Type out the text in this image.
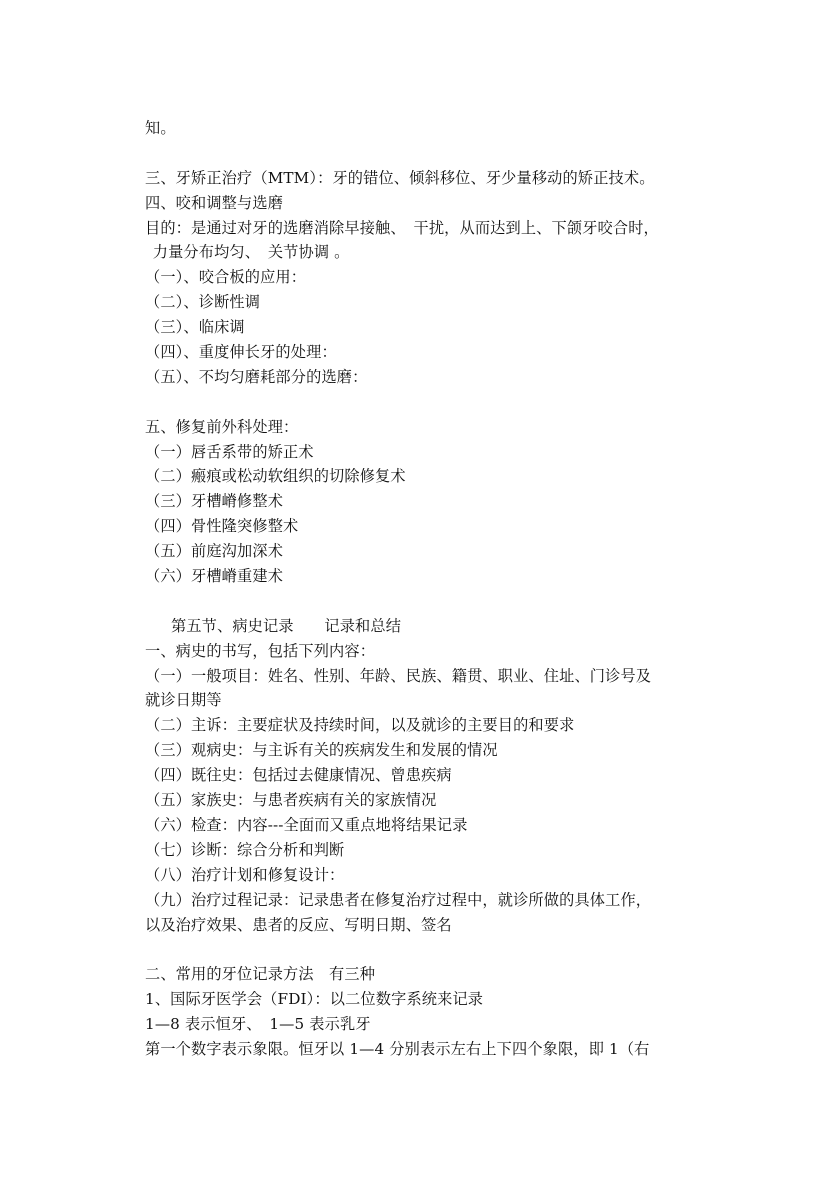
知。
三、牙矫正治疗（MTM）：牙的错位、倾斜移位、牙少量移动的矫正技术。
四、咬和调整与选磨
目的：是通过对牙的选磨消除早接触、 干扰，从而达到上、下颌牙咬合时，
 力量分布均匀、 关节协调 。
（一）、咬合板的应用：
（二）、诊断性调 
（三）、临床调 
（四）、重度伸长牙的处理：
（五）、不均匀磨耗部分的选磨：
五、修复前外科处理：
（一）唇舌系带的矫正术
（二）瘢痕或松动软组织的切除修复术
（三）牙槽嵴修整术
（四）骨性隆突修整术
（五）前庭沟加深术
（六）牙槽嵴重建术
第五节、病史记录　　记录和总结
一、病史的书写，包括下列内容：
（一）一般项目：姓名、性别、年龄、民族、籍贯、职业、住址、门诊号及
就诊日期等
（二）主诉：主要症状及持续时间，以及就诊的主要目的和要求
（三）观病史：与主诉有关的疾病发生和发展的情况
（四）既往史：包括过去健康情况、曾患疾病
（五）家族史：与患者疾病有关的家族情况
（六）检查：内容---全面而又重点地将结果记录
（七）诊断：综合分析和判断
（八）治疗计划和修复设计：
（九）治疗过程记录：记录患者在修复治疗过程中，就诊所做的具体工作，
以及治疗效果、患者的反应、写明日期、签名
二、常用的牙位记录方法　有三种
1、国际牙医学会（FDI）：以二位数字系统来记录
1—8 表示恒牙、　1—5 表示乳牙
第一个数字表示象限。恒牙以 1—4 分别表示左右上下四个象限，即 1（右
